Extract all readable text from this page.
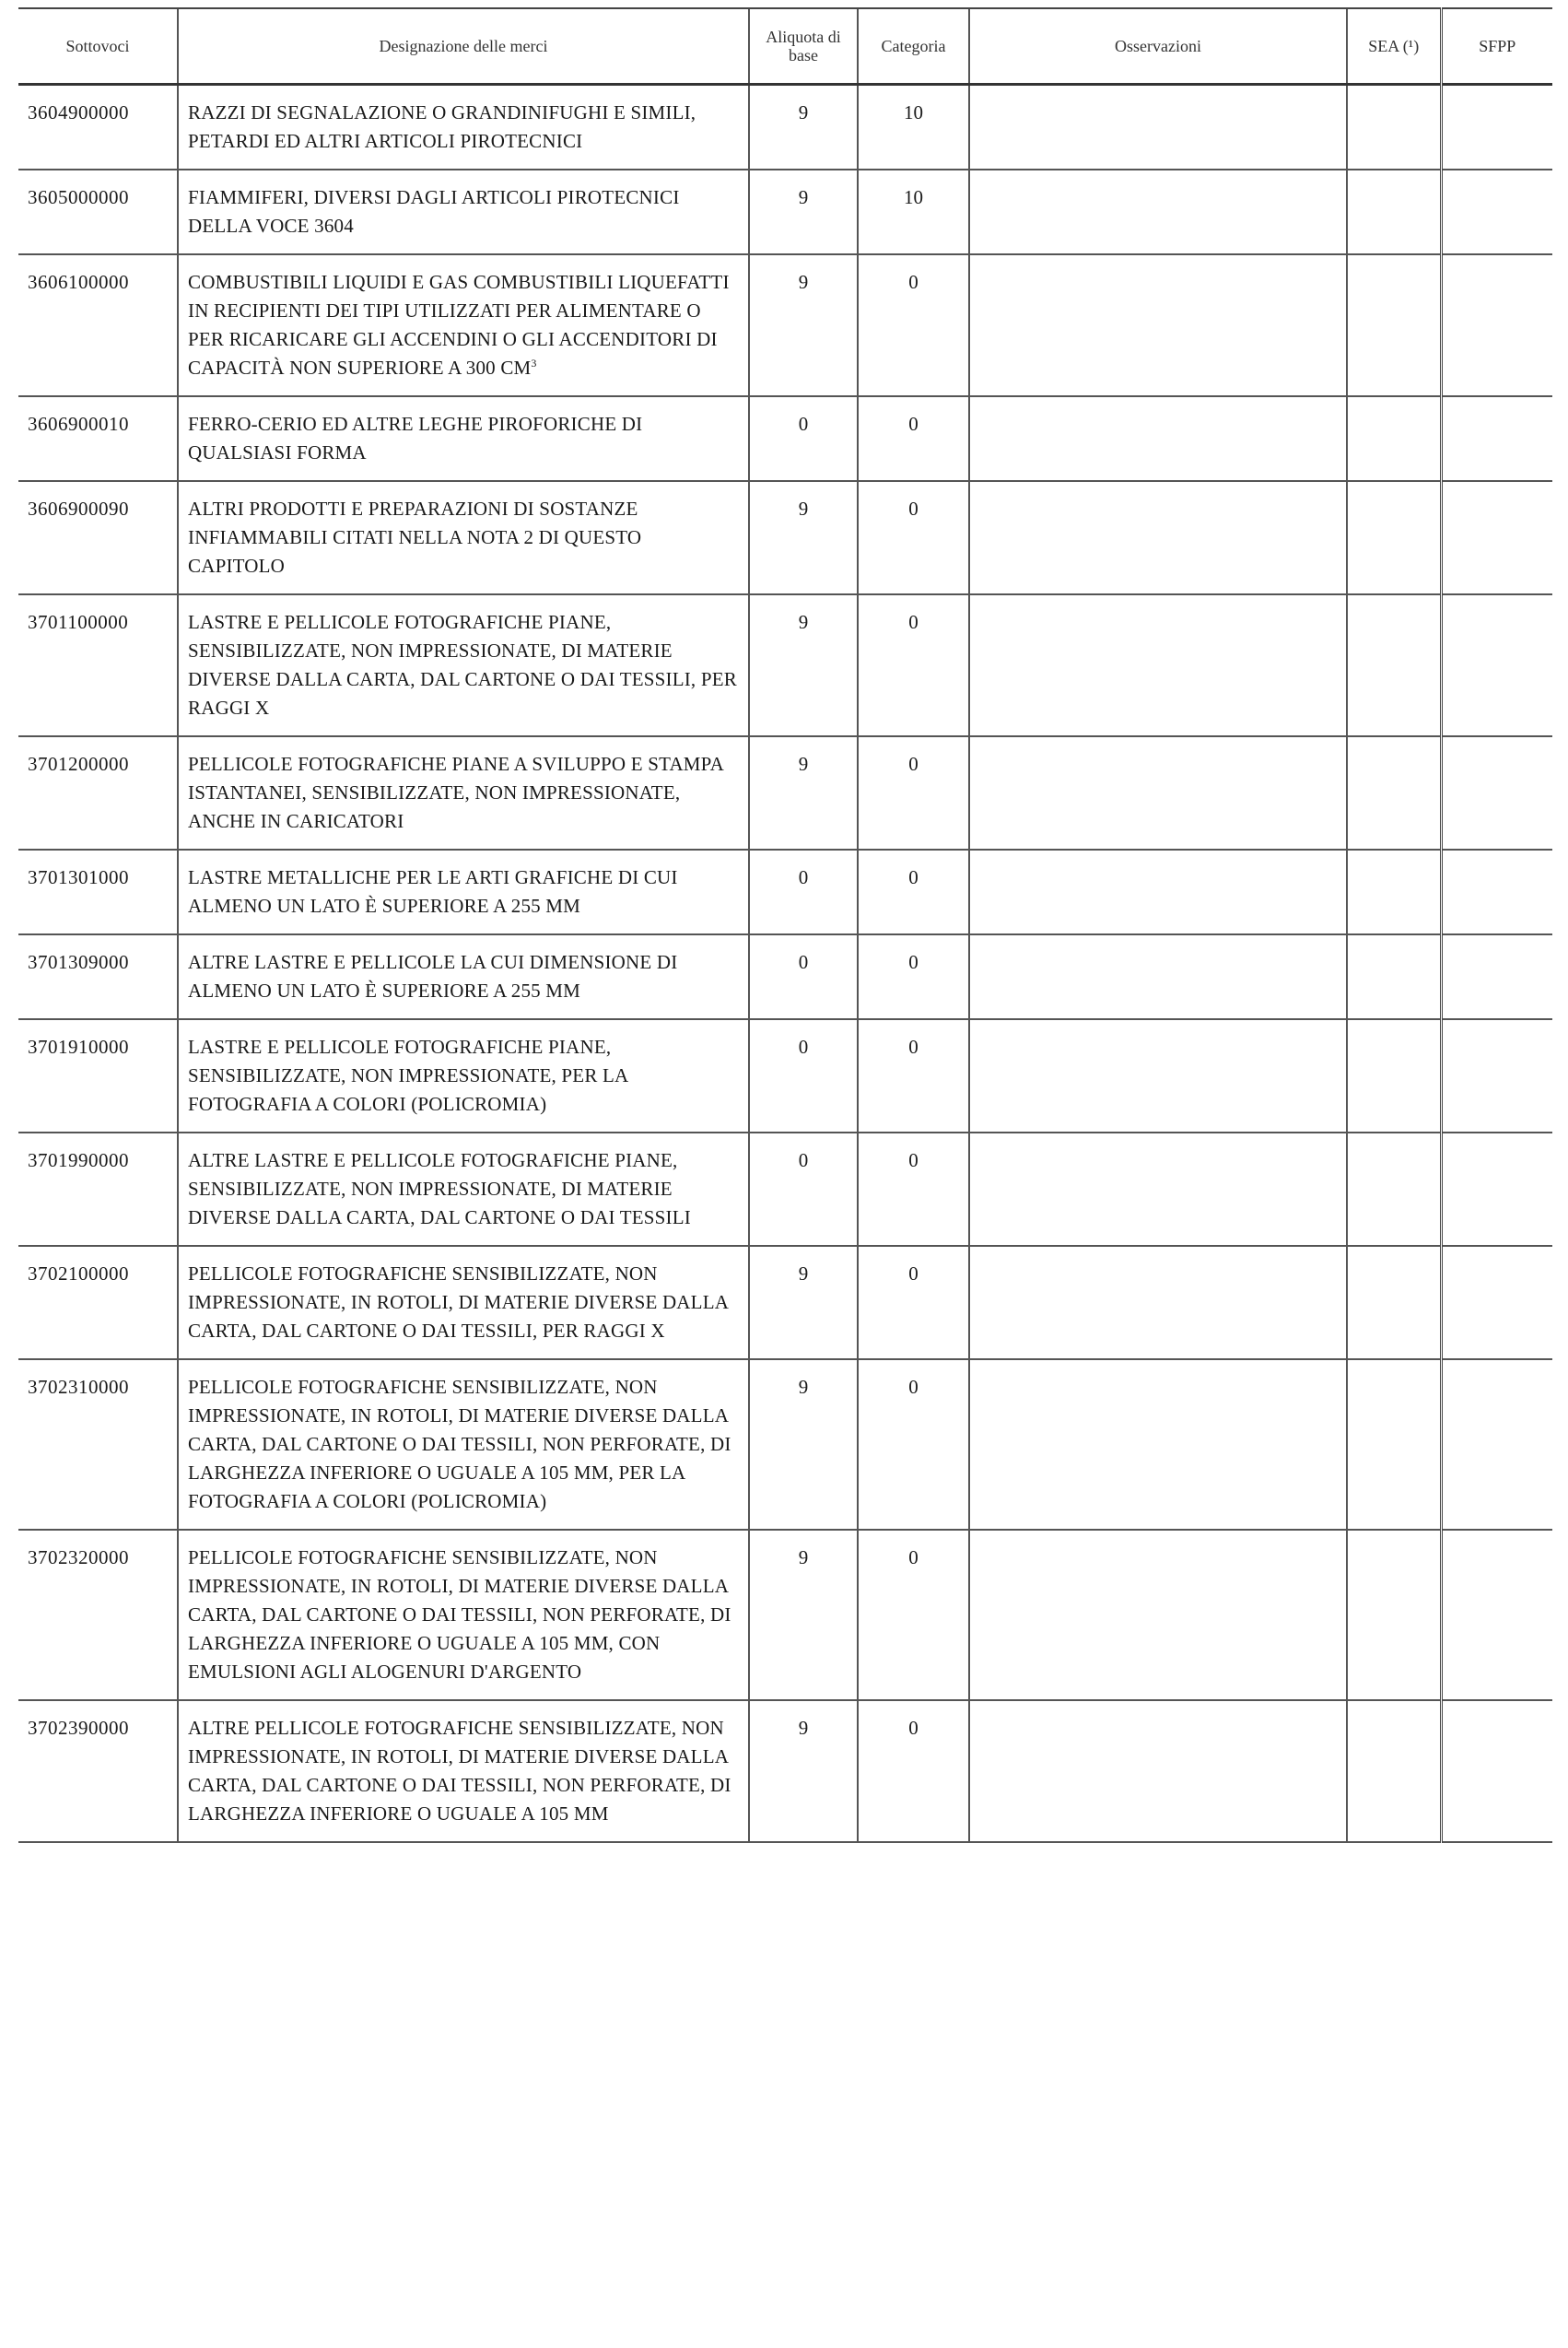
Sottovoci	Designazione delle merci	Aliquota di base	Categoria	Osservazioni	SEA (¹)	SFPP
3604900000	RAZZI DI SEGNALAZIONE O GRANDINIFUGHI E SIMILI, PETARDI ED ALTRI ARTICOLI PIROTECNICI	9	10			
3605000000	FIAMMIFERI, DIVERSI DAGLI ARTICOLI PIROTECNICI DELLA VOCE 3604	9	10			
3606100000	COMBUSTIBILI LIQUIDI E GAS COMBUSTIBILI LIQUEFATTI IN RECIPIENTI DEI TIPI UTILIZZATI PER ALIMENTARE O PER RICARICARE GLI ACCENDINI O GLI ACCENDITORI DI CAPACITÀ NON SUPERIORE A 300 $CM^3$	9	0			
3606900010	FERRO-CERIO ED ALTRE LEGHE PIROFORICHE DI QUALSIASI FORMA	0	0			
3606900090	ALTRI PRODOTTI E PREPARAZIONI DI SOSTANZE INFIAMMABILI CITATI NELLA NOTA 2 DI QUESTO CAPITOLO	9	0			
3701100000	LASTRE E PELLICOLE FOTOGRAFICHE PIANE, SENSIBILIZZATE, NON IMPRESSIONATE, DI MATERIE DIVERSE DALLA CARTA, DAL CARTONE O DAI TESSILI, PER RAGGI X	9	0			
3701200000	PELLICOLE FOTOGRAFICHE PIANE A SVILUPPO E STAMPA ISTANTANEI, SENSIBILIZZATE, NON IMPRESSIONATE, ANCHE IN CARICATORI	9	0			
3701301000	LASTRE METALLICHE PER LE ARTI GRAFICHE DI CUI ALMENO UN LATO È SUPERIORE A 255 MM	0	0			
3701309000	ALTRE LASTRE E PELLICOLE LA CUI DIMENSIONE DI ALMENO UN LATO È SUPERIORE A 255 MM	0	0			
3701910000	LASTRE E PELLICOLE FOTOGRAFICHE PIANE, SENSIBILIZZATE, NON IMPRESSIONATE, PER LA FOTOGRAFIA A COLORI (POLICROMIA)	0	0			
3701990000	ALTRE LASTRE E PELLICOLE FOTOGRAFICHE PIANE, SENSIBILIZZATE, NON IMPRESSIONATE, DI MATERIE DIVERSE DALLA CARTA, DAL CARTONE O DAI TESSILI	0	0			
3702100000	PELLICOLE FOTOGRAFICHE SENSIBILIZZATE, NON IMPRESSIONATE, IN ROTOLI, DI MATERIE DIVERSE DALLA CARTA, DAL CARTONE O DAI TESSILI, PER RAGGI X	9	0			
3702310000	PELLICOLE FOTOGRAFICHE SENSIBILIZZATE, NON IMPRESSIONATE, IN ROTOLI, DI MATERIE DIVERSE DALLA CARTA, DAL CARTONE O DAI TESSILI, NON PERFORATE, DI LARGHEZZA INFERIORE O UGUALE A 105 MM, PER LA FOTOGRAFIA A COLORI (POLICROMIA)	9	0			
3702320000	PELLICOLE FOTOGRAFICHE SENSIBILIZZATE, NON IMPRESSIONATE, IN ROTOLI, DI MATERIE DIVERSE DALLA CARTA, DAL CARTONE O DAI TESSILI, NON PERFORATE, DI LARGHEZZA INFERIORE O UGUALE A 105 MM, CON EMULSIONI AGLI ALOGENURI D'ARGENTO	9	0			
3702390000	ALTRE PELLICOLE FOTOGRAFICHE SENSIBILIZZATE, NON IMPRESSIONATE, IN ROTOLI, DI MATERIE DIVERSE DALLA CARTA, DAL CARTONE O DAI TESSILI, NON PERFORATE, DI LARGHEZZA INFERIORE O UGUALE A 105 MM	9	0			
